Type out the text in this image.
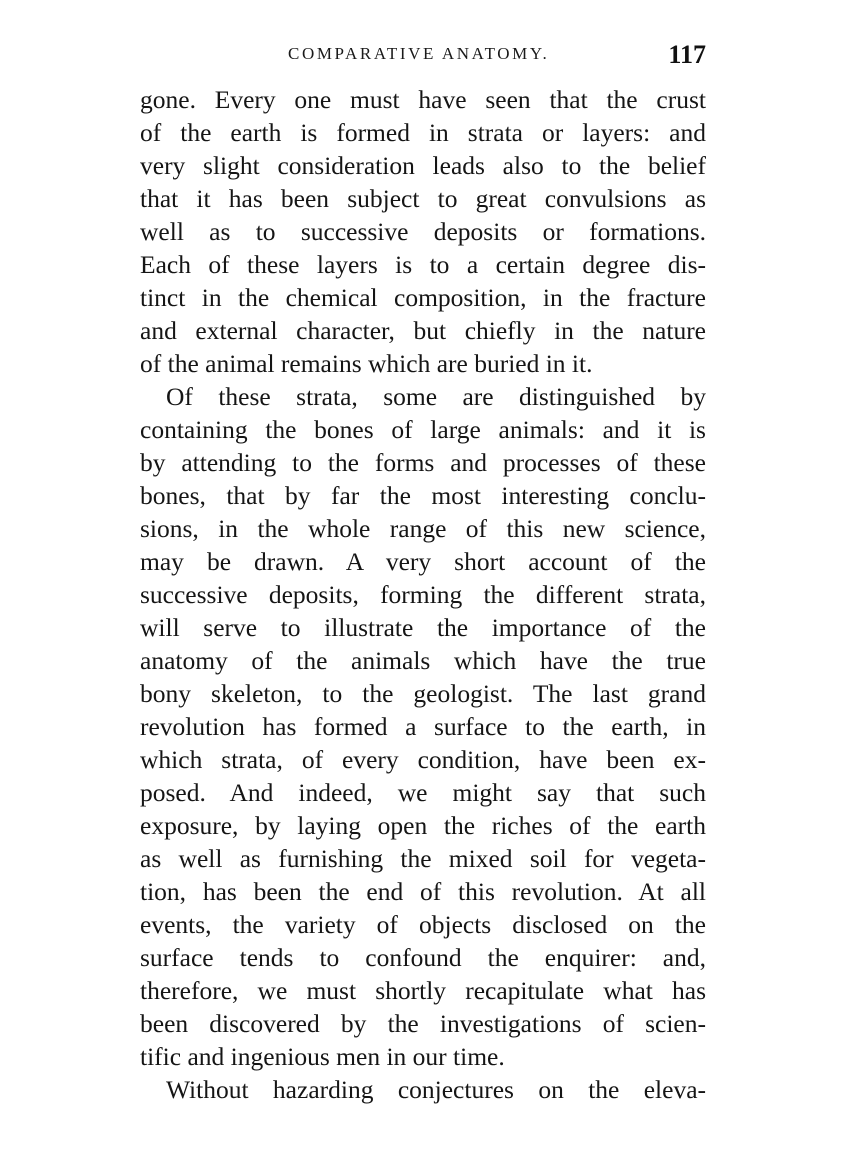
COMPARATIVE ANATOMY.	117
gone. Every one must have seen that the crust
of the earth is formed in strata or layers: and
very slight consideration leads also to the belief
that it has been subject to great convulsions as
well as to successive deposits or formations.
Each of these layers is to a certain degree dis-
tinct in the chemical composition, in the fracture
and external character, but chiefly in the nature
of the animal remains which are buried in it.
Of these strata, some are distinguished by
containing the bones of large animals: and it is
by attending to the forms and processes of these
bones, that by far the most interesting conclu-
sions, in the whole range of this new science,
may be drawn. A very short account of the
successive deposits, forming the different strata,
will serve to illustrate the importance of the
anatomy of the animals which have the true
bony skeleton, to the geologist. The last grand
revolution has formed a surface to the earth, in
which strata, of every condition, have been ex-
posed. And indeed, we might say that such
exposure, by laying open the riches of the earth
as well as furnishing the mixed soil for vegeta-
tion, has been the end of this revolution. At all
events, the variety of objects disclosed on the
surface tends to confound the enquirer: and,
therefore, we must shortly recapitulate what has
been discovered by the investigations of scien-
tific and ingenious men in our time.
Without hazarding conjectures on the eleva-
